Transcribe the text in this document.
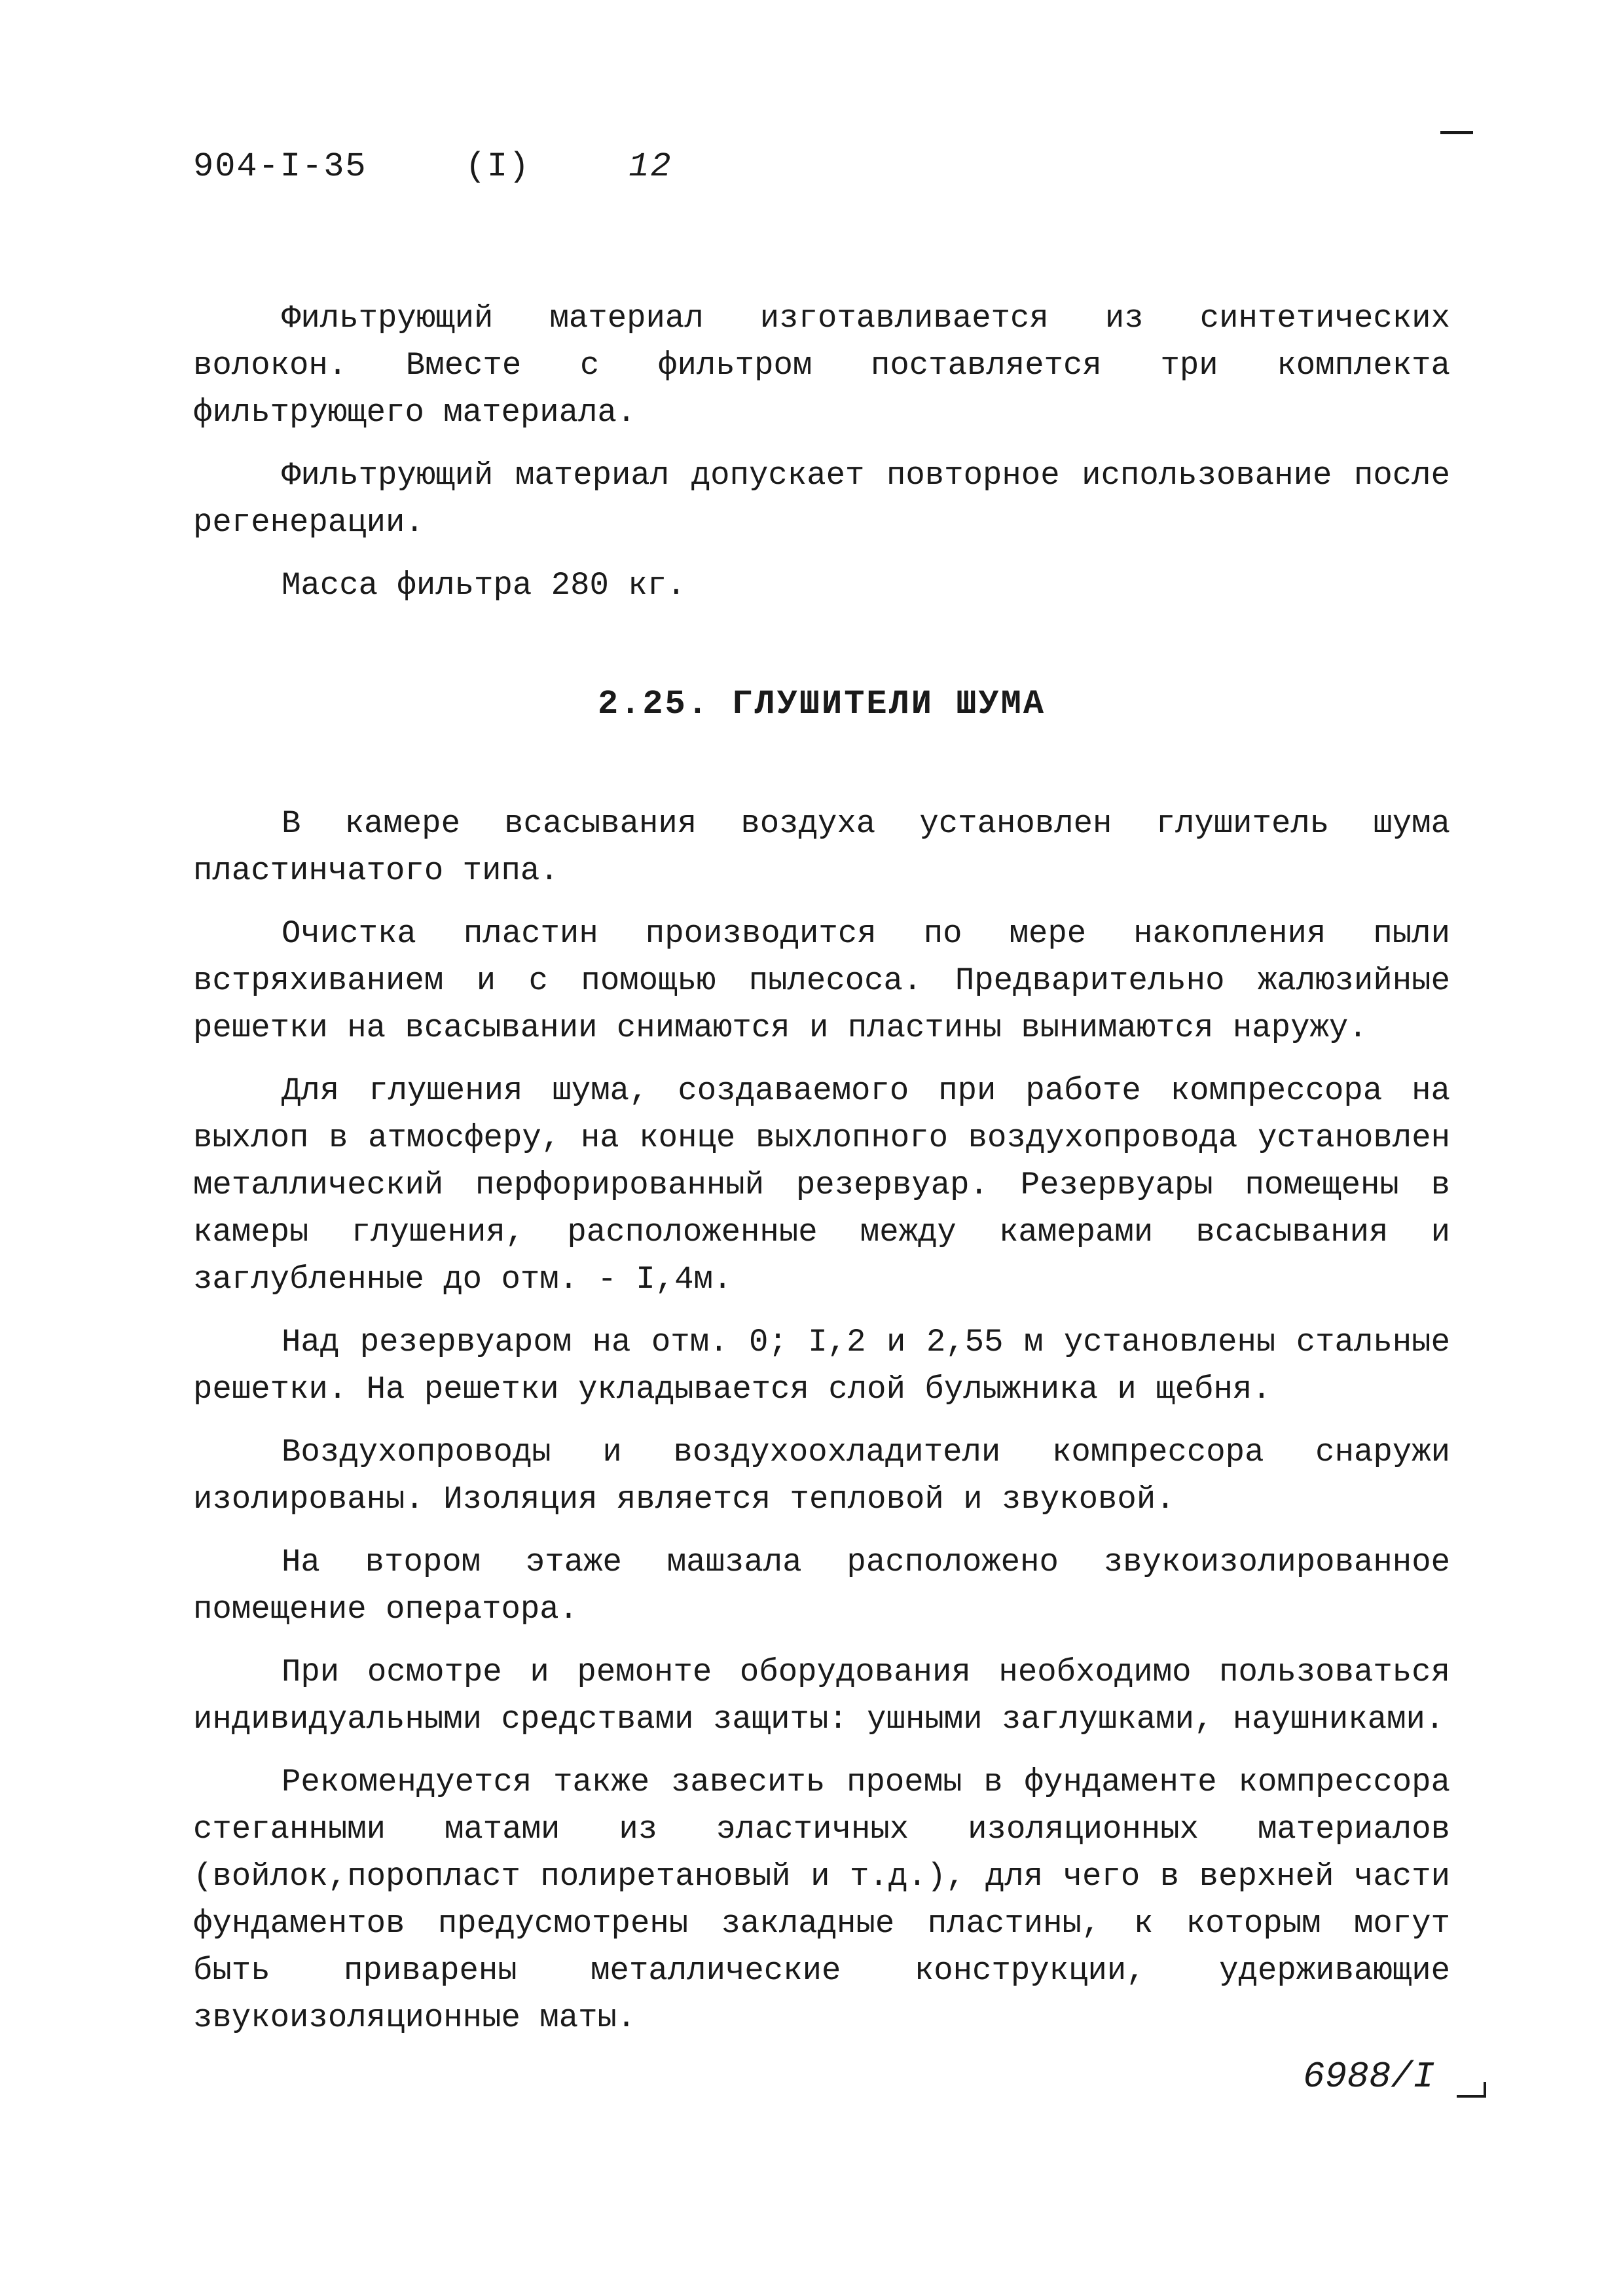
904-I-35	(I)	12

Фильтрующий материал изготавливается из синтетических волокон. Вместе с фильтром поставляется три комплекта фильтрующего материала.

Фильтрующий материал допускает повторное использование после регенерации.

Масса фильтра 280 кг.

2.25. ГЛУШИТЕЛИ ШУМА

В камере всасывания воздуха установлен глушитель шума пластинчатого типа.

Очистка пластин производится по мере накопления пыли встряхиванием и с помощью пылесоса. Предварительно жалюзийные решетки на всасывании снимаются и пластины вынимаются наружу.

Для глушения шума, создаваемого при работе компрессора на выхлоп в атмосферу, на конце выхлопного воздухопровода установлен металлический перфорированный резервуар. Резервуары помещены в камеры глушения, расположенные между камерами всасывания и заглубленные до отм. - I,4м.

Над резервуаром на отм. 0; I,2 и 2,55 м установлены стальные решетки. На решетки укладывается слой булыжника и щебня.

Воздухопроводы и воздухоохладители компрессора снаружи изолированы. Изоляция является тепловой и звуковой.

На втором этаже машзала расположено звукоизолированное помещение оператора.

При осмотре и ремонте оборудования необходимо пользоваться индивидуальными средствами защиты: ушными заглушками, наушниками.

Рекомендуется также завесить проемы в фундаменте компрессора стеганными матами из эластичных изоляционных материалов (войлок,поропласт полиретановый и т.д.), для чего в верхней части фундаментов предусмотрены закладные пластины, к которым могут быть приварены металлические конструкции, удерживающие звукоизоляционные маты.

6988/I
